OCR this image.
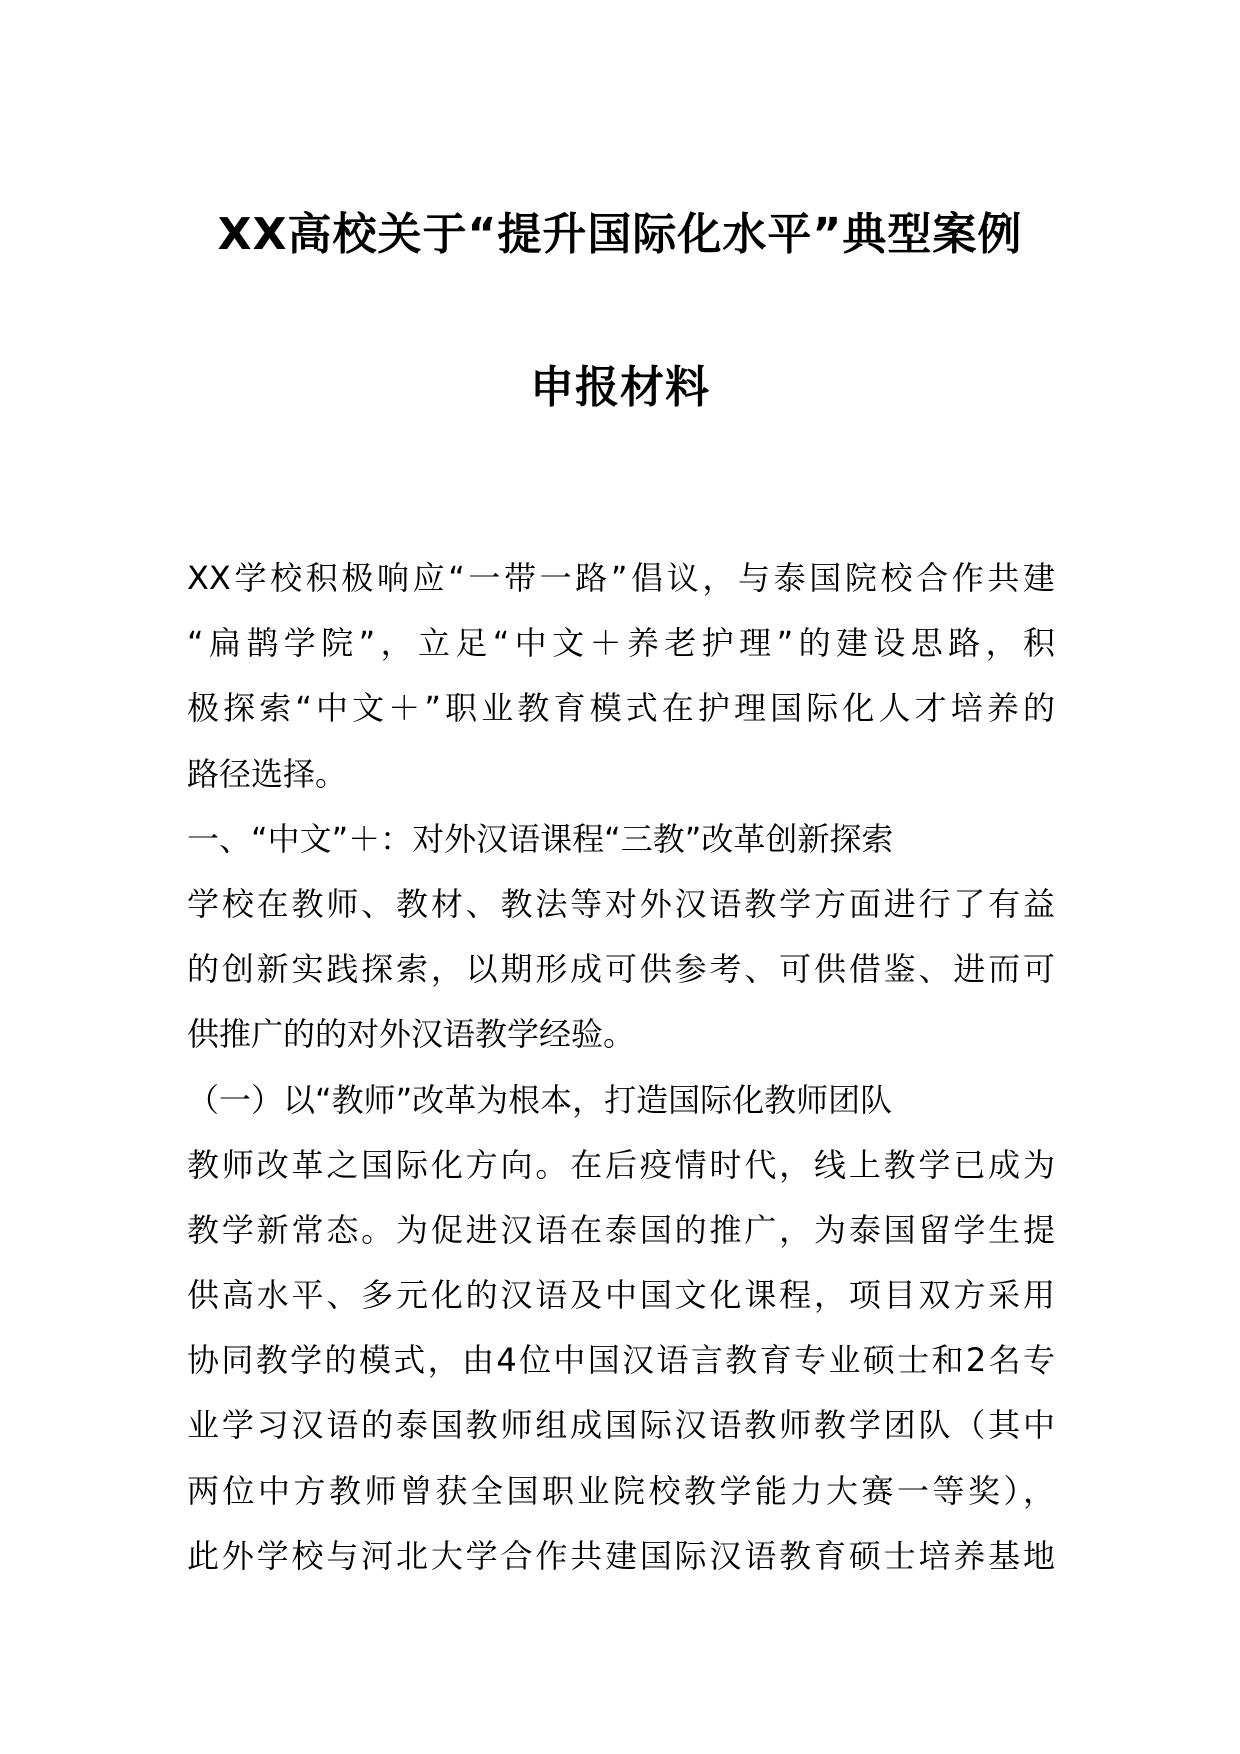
XX高校关于“提升国际化水平”典型案例
申报材料
XX学校积极响应“一带一路”倡议，与泰国院校合作共建
“扁鹊学院”，立足“中文＋养老护理”的建设思路，积
极探索“中文＋”职业教育模式在护理国际化人才培养的
路径选择。
一、“中文”＋：对外汉语课程“三教”改革创新探索
学校在教师、教材、教法等对外汉语教学方面进行了有益
的创新实践探索，以期形成可供参考、可供借鉴、进而可
供推广的的对外汉语教学经验。
（一）以“教师”改革为根本，打造国际化教师团队
教师改革之国际化方向。在后疫情时代，线上教学已成为
教学新常态。为促进汉语在泰国的推广，为泰国留学生提
供高水平、多元化的汉语及中国文化课程，项目双方采用
协同教学的模式，由4位中国汉语言教育专业硕士和2名专
业学习汉语的泰国教师组成国际汉语教师教学团队（其中
两位中方教师曾获全国职业院校教学能力大赛一等奖），
此外学校与河北大学合作共建国际汉语教育硕士培养基地
